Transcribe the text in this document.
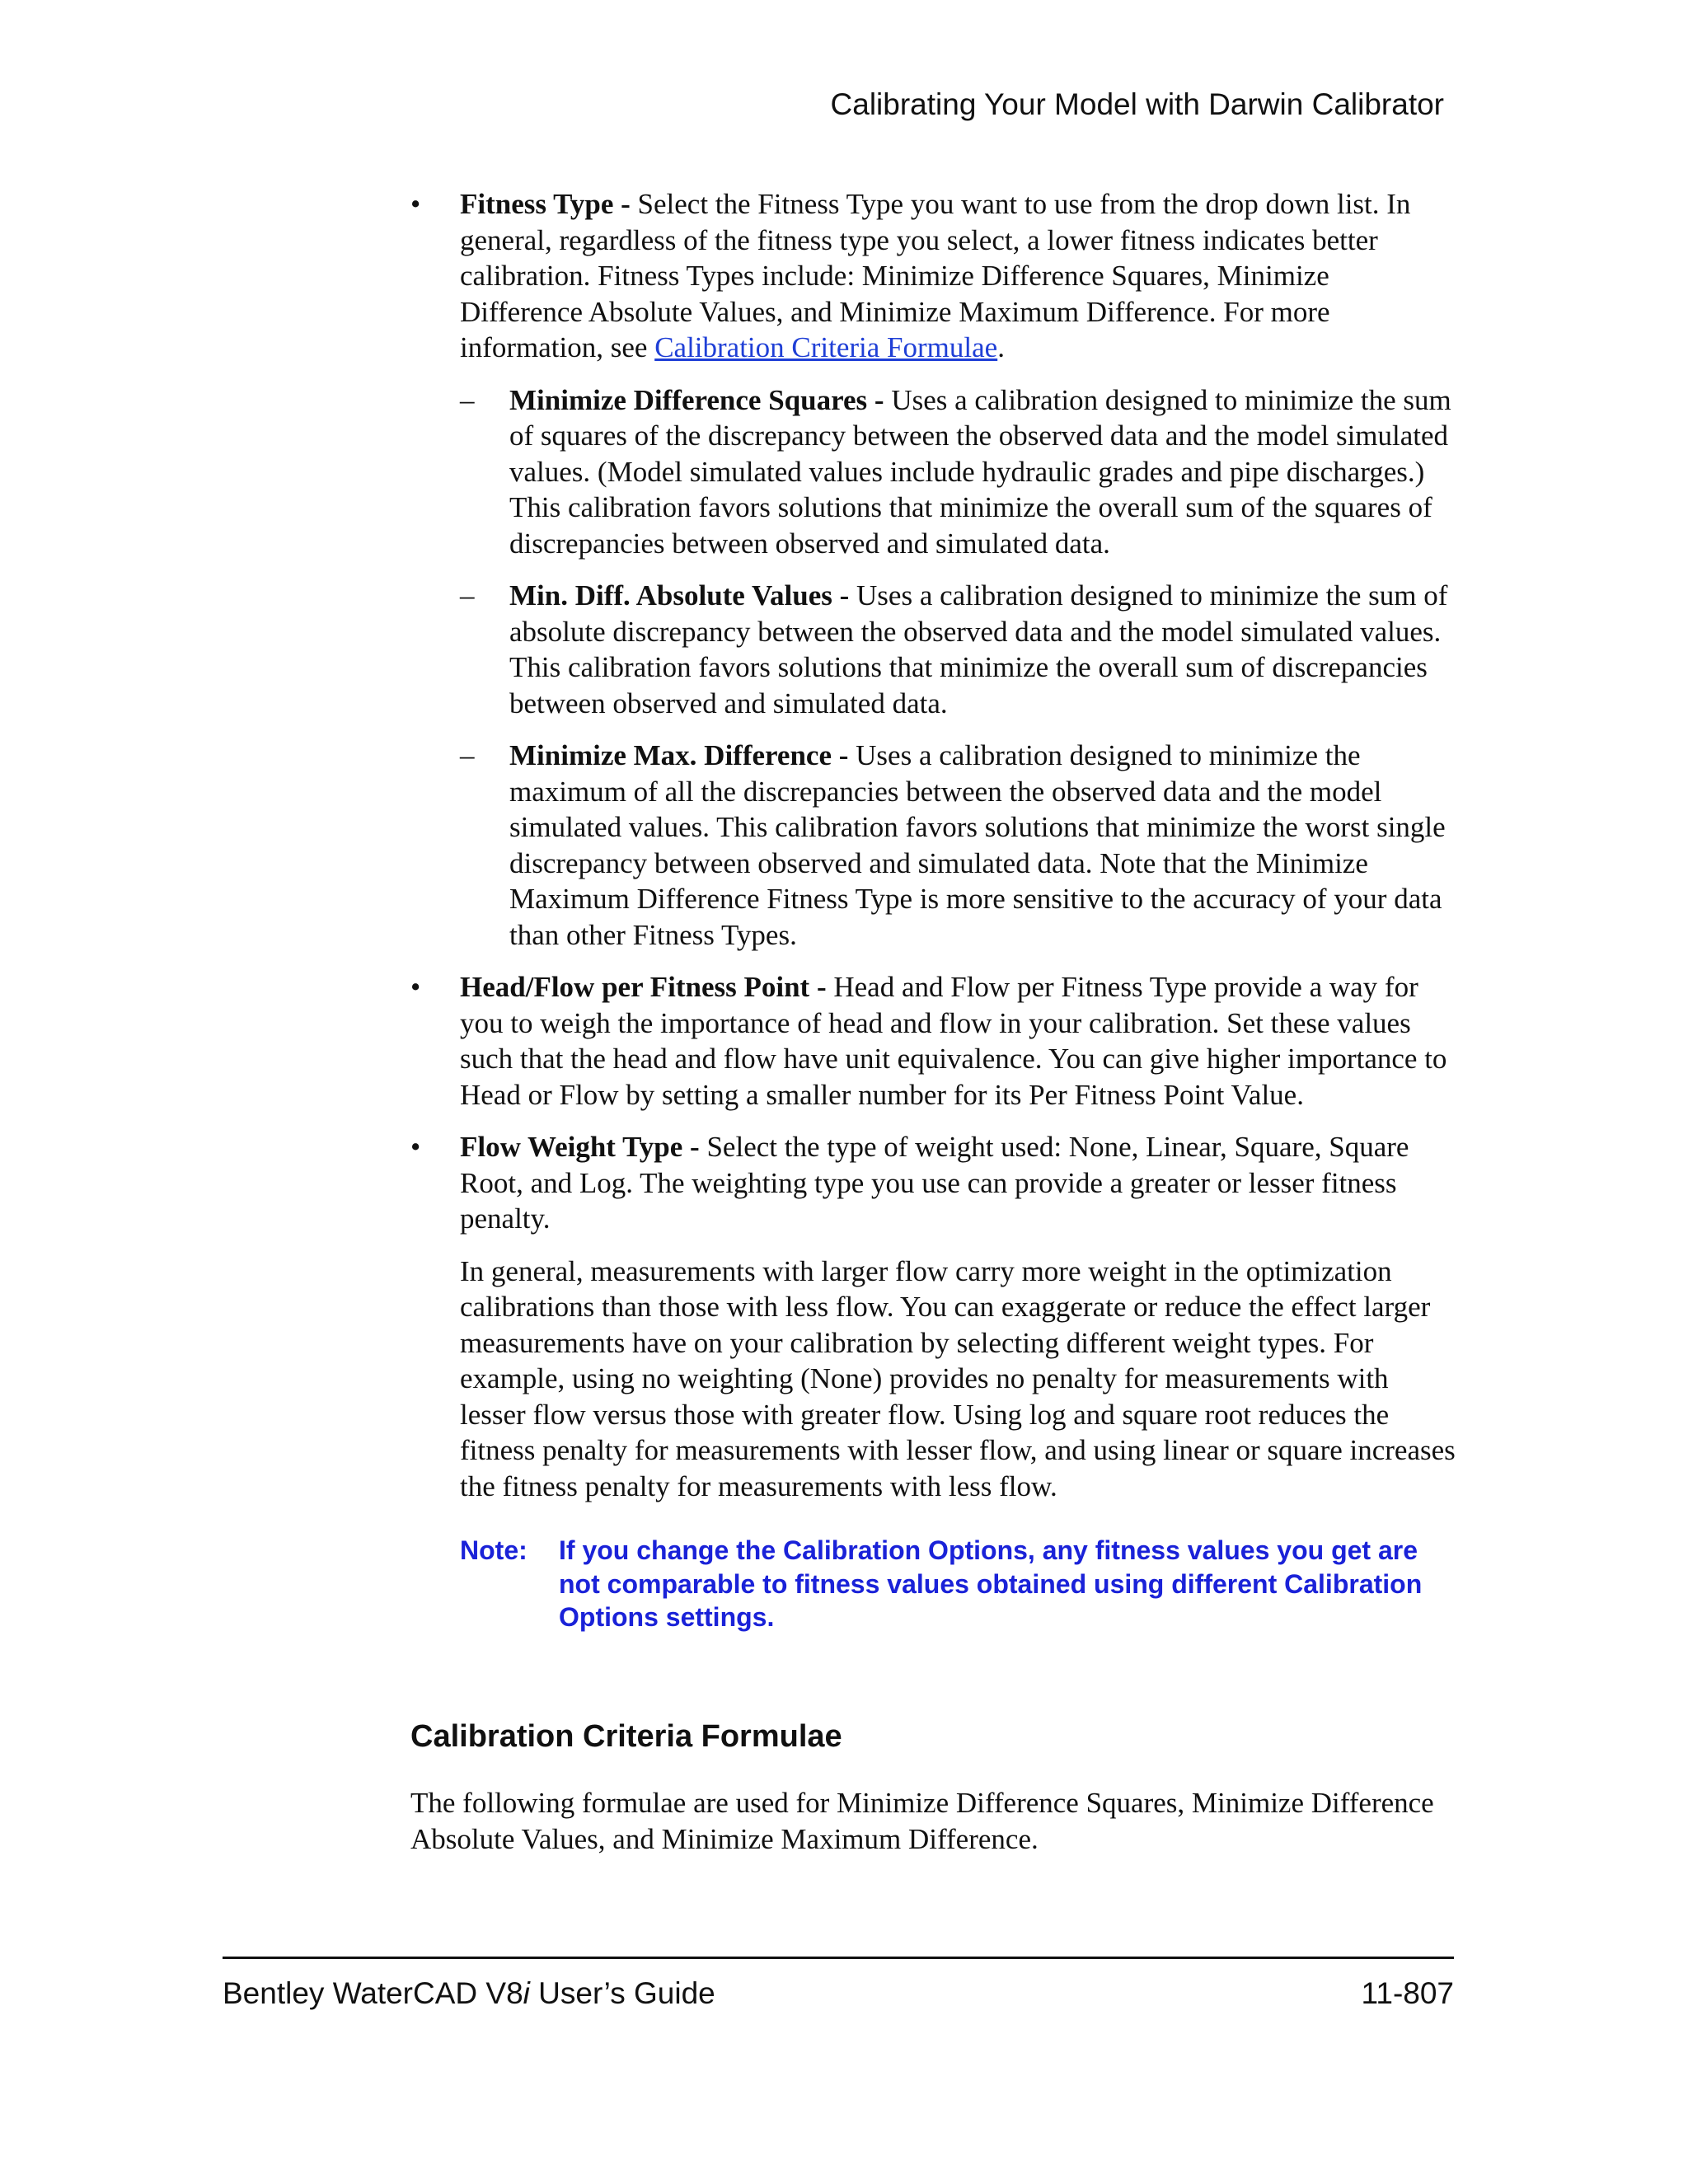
Calibrating Your Model with Darwin Calibrator
•	Fitness Type - Select the Fitness Type you want to use from the drop down list. In general, regardless of the fitness type you select, a lower fitness indicates better calibration. Fitness Types include: Minimize Difference Squares, Minimize Difference Absolute Values, and Minimize Maximum Difference. For more information, see Calibration Criteria Formulae.
–	Minimize Difference Squares - Uses a calibration designed to minimize the sum of squares of the discrepancy between the observed data and the model simulated values. (Model simulated values include hydraulic grades and pipe discharges.) This calibration favors solutions that minimize the overall sum of the squares of discrepancies between observed and simulated data.
–	Min. Diff. Absolute Values - Uses a calibration designed to minimize the sum of absolute discrepancy between the observed data and the model simulated values. This calibration favors solutions that minimize the overall sum of discrepancies between observed and simulated data.
–	Minimize Max. Difference - Uses a calibration designed to minimize the maximum of all the discrepancies between the observed data and the model simulated values. This calibration favors solutions that minimize the worst single discrepancy between observed and simulated data. Note that the Minimize Maximum Difference Fitness Type is more sensitive to the accuracy of your data than other Fitness Types.
•	Head/Flow per Fitness Point - Head and Flow per Fitness Type provide a way for you to weigh the importance of head and flow in your calibration. Set these values such that the head and flow have unit equivalence. You can give higher importance to Head or Flow by setting a smaller number for its Per Fitness Point Value.
•	Flow Weight Type - Select the type of weight used: None, Linear, Square, Square Root, and Log. The weighting type you use can provide a greater or lesser fitness penalty.
In general, measurements with larger flow carry more weight in the optimization calibrations than those with less flow. You can exaggerate or reduce the effect larger measurements have on your calibration by selecting different weight types. For example, using no weighting (None) provides no penalty for measurements with lesser flow versus those with greater flow. Using log and square root reduces the fitness penalty for measurements with lesser flow, and using linear or square increases the fitness penalty for measurements with less flow.
Note: If you change the Calibration Options, any fitness values you get are not comparable to fitness values obtained using different Calibration Options settings.
Calibration Criteria Formulae
The following formulae are used for Minimize Difference Squares, Minimize Difference Absolute Values, and Minimize Maximum Difference.
Bentley WaterCAD V8i User’s Guide	11-807
